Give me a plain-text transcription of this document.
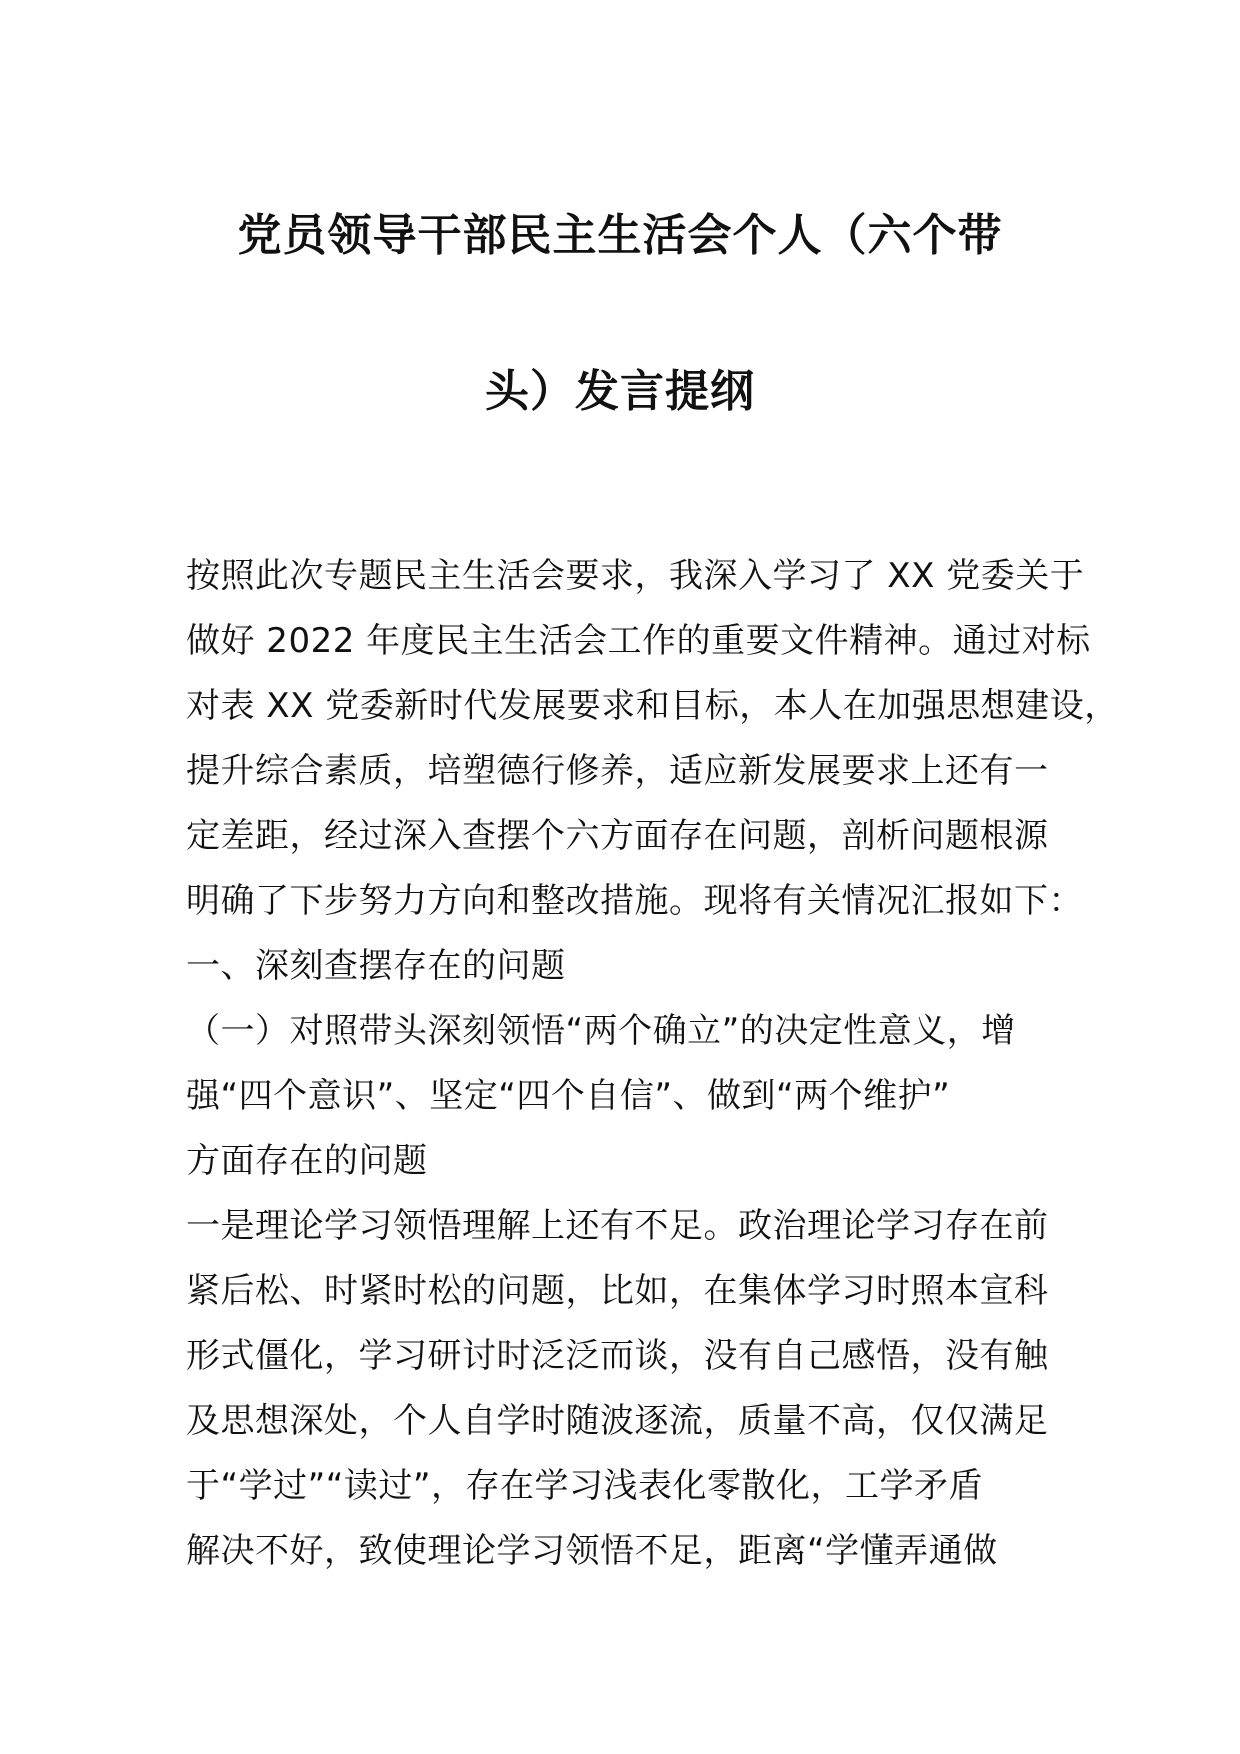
党员领导干部民主生活会个人（六个带
头）发言提纲
按照此次专题民主生活会要求，我深入学习了 XX 党委关于
做好 2022 年度民主生活会工作的重要文件精神。通过对标
对表 XX 党委新时代发展要求和目标，本人在加强思想建设，
提升综合素质，培塑德行修养，适应新发展要求上还有一
定差距，经过深入查摆个六方面存在问题，剖析问题根源
明确了下步努力方向和整改措施。现将有关情况汇报如下：
一、深刻查摆存在的问题
（一）对照带头深刻领悟“两个确立”的决定性意义，增
强“四个意识”、坚定“四个自信”、做到“两个维护”
方面存在的问题
一是理论学习领悟理解上还有不足。政治理论学习存在前
紧后松、时紧时松的问题，比如，在集体学习时照本宣科
形式僵化，学习研讨时泛泛而谈，没有自己感悟，没有触
及思想深处，个人自学时随波逐流，质量不高，仅仅满足
于“学过”“读过”，存在学习浅表化零散化，工学矛盾
解决不好，致使理论学习领悟不足，距离“学懂弄通做
